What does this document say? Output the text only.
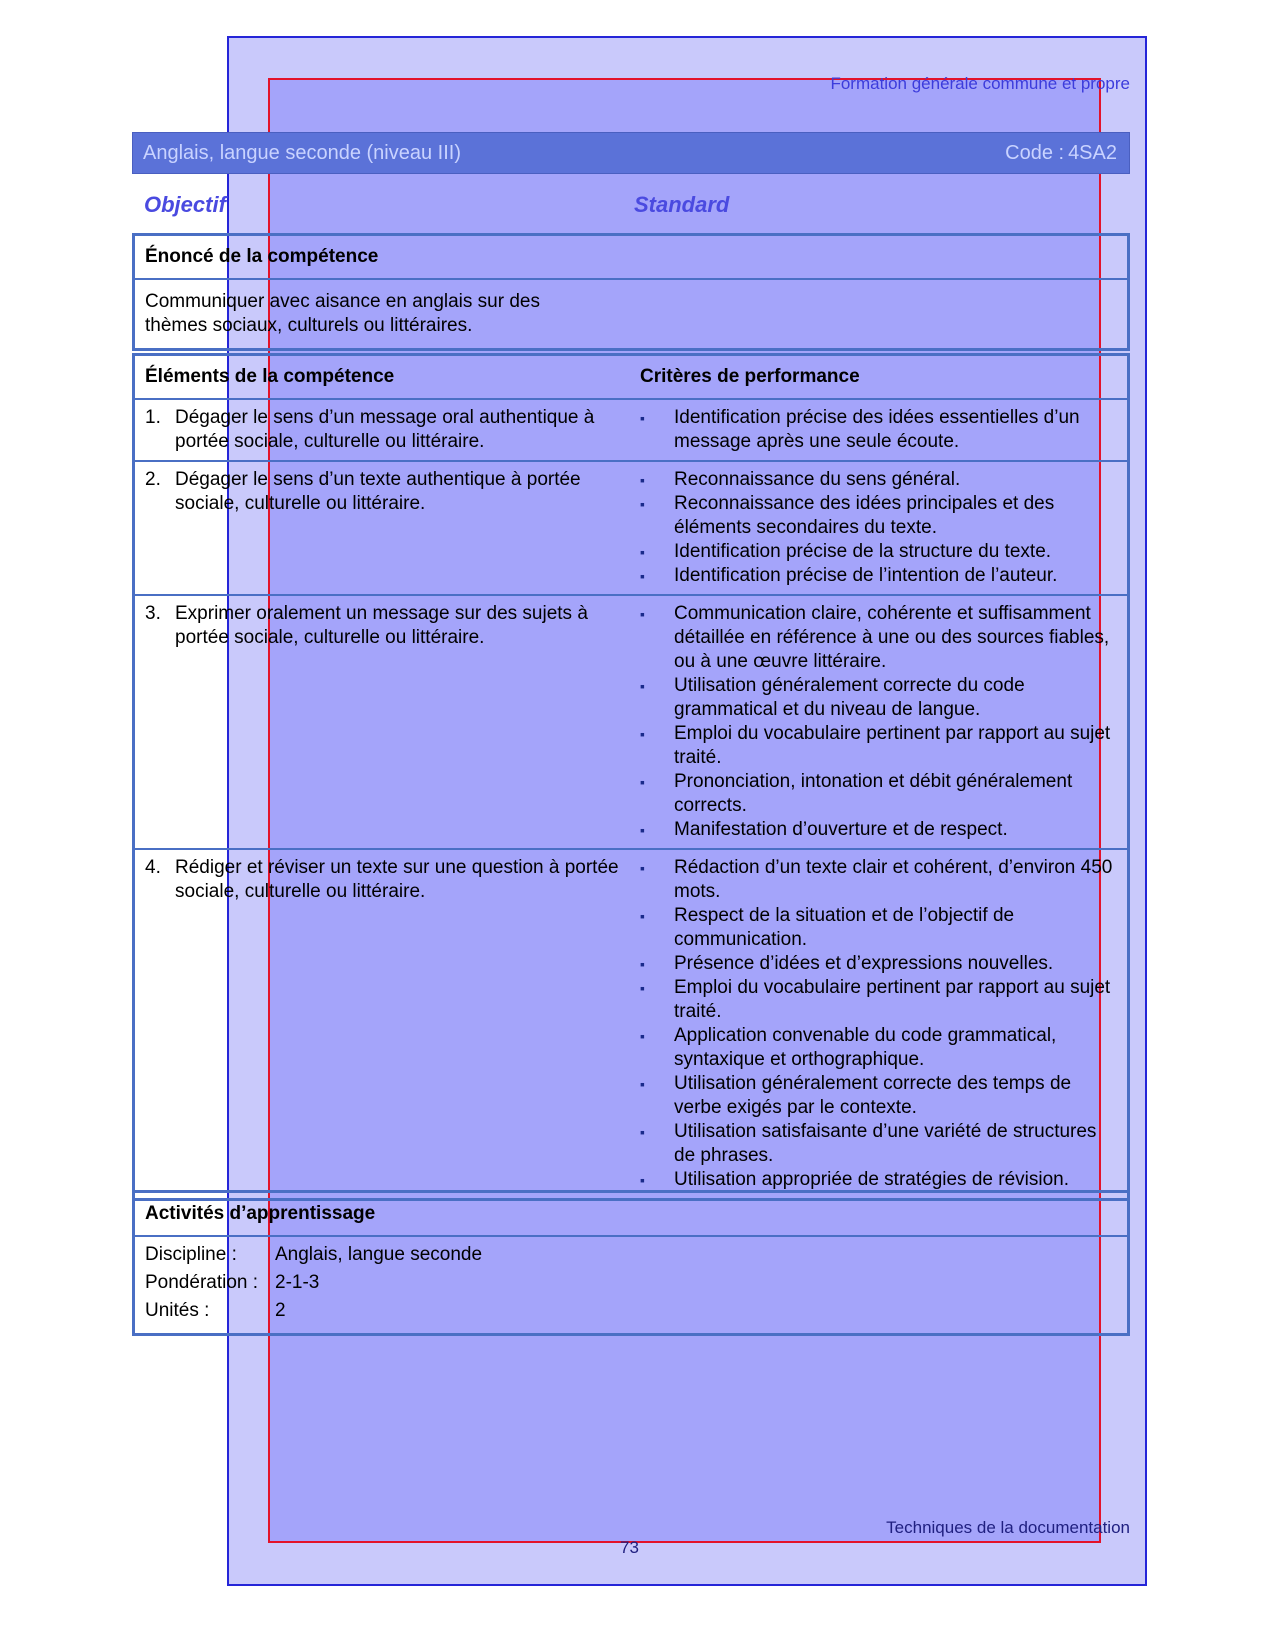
Formation générale commune et propre
Anglais, langue seconde (niveau III)	Code : 4SA2
Objectif	Standard
Énoncé de la compétence
Communiquer avec aisance en anglais sur des
thèmes sociaux, culturels ou littéraires.
Éléments de la compétence	Critères de performance
1. Dégager le sens d’un message oral authentique à portée sociale, culturelle ou littéraire.
▪ Identification précise des idées essentielles d’un message après une seule écoute.
2. Dégager le sens d’un texte authentique à portée sociale, culturelle ou littéraire.
▪ Reconnaissance du sens général.
▪ Reconnaissance des idées principales et des éléments secondaires du texte.
▪ Identification précise de la structure du texte.
▪ Identification précise de l’intention de l’auteur.
3. Exprimer oralement un message sur des sujets à portée sociale, culturelle ou littéraire.
▪ Communication claire, cohérente et suffisamment détaillée en référence à une ou des sources fiables, ou à une œuvre littéraire.
▪ Utilisation généralement correcte du code grammatical et du niveau de langue.
▪ Emploi du vocabulaire pertinent par rapport au sujet traité.
▪ Prononciation, intonation et débit généralement corrects.
▪ Manifestation d’ouverture et de respect.
4. Rédiger et réviser un texte sur une question à portée sociale, culturelle ou littéraire.
▪ Rédaction d’un texte clair et cohérent, d’environ 450 mots.
▪ Respect de la situation et de l’objectif de communication.
▪ Présence d’idées et d’expressions nouvelles.
▪ Emploi du vocabulaire pertinent par rapport au sujet traité.
▪ Application convenable du code grammatical, syntaxique et orthographique.
▪ Utilisation généralement correcte des temps de verbe exigés par le contexte.
▪ Utilisation satisfaisante d’une variété de structures de phrases.
▪ Utilisation appropriée de stratégies de révision.
Activités d’apprentissage
Discipline :	Anglais, langue seconde
Pondération : 2-1-3
Unités :	2
Techniques de la documentation
73
